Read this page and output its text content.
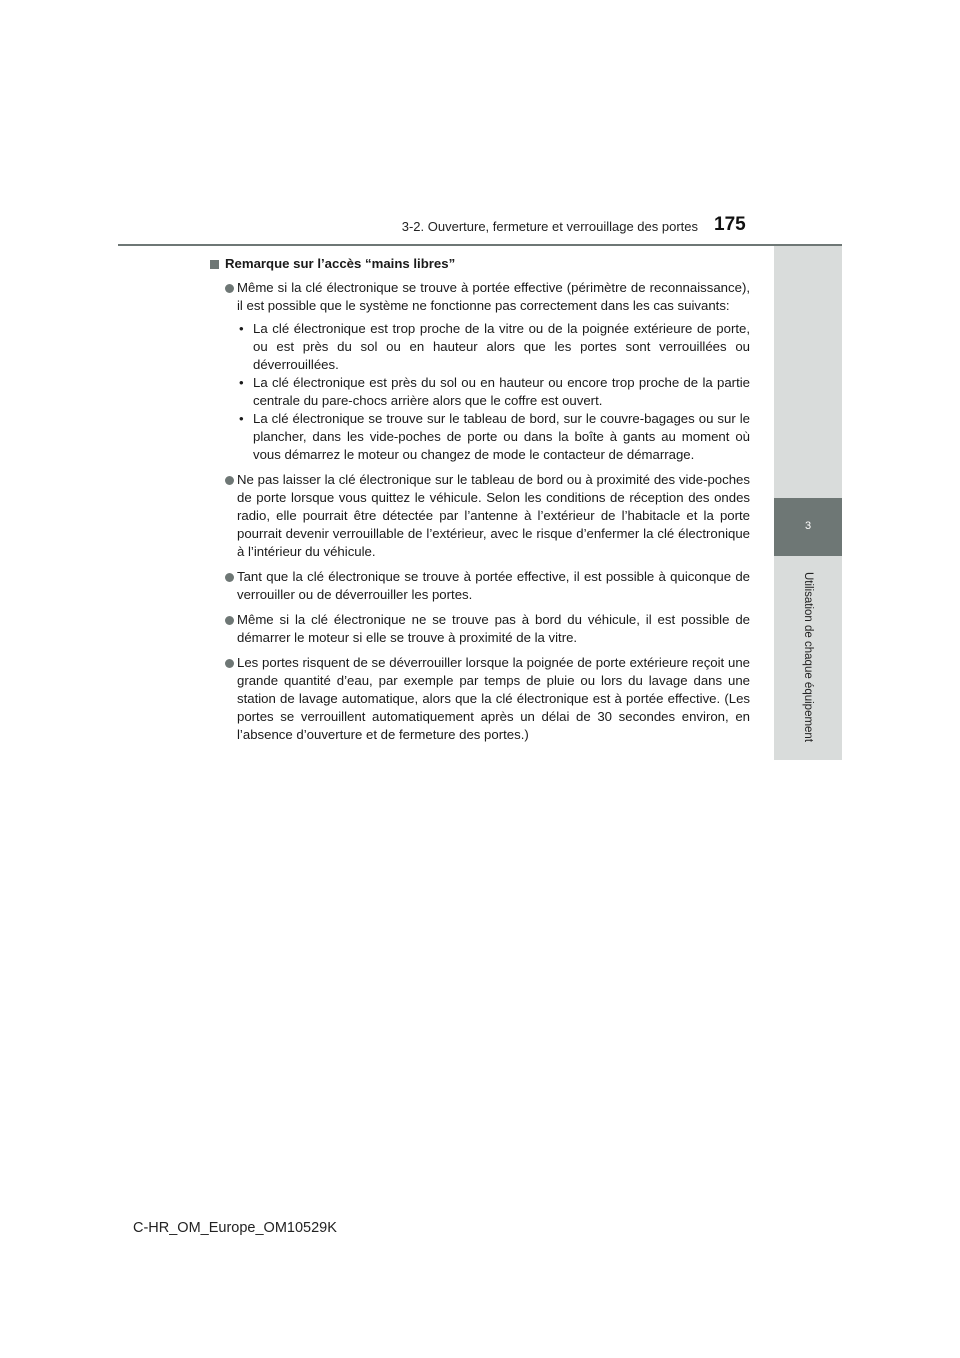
3-2. Ouverture, fermeture et verrouillage des portes 175
3
Utilisation de chaque équipement
Remarque sur l’accès “mains libres”
Même si la clé électronique se trouve à portée effective (périmètre de reconnaissance), il est possible que le système ne fonctionne pas correctement dans les cas suivants:
• La clé électronique est trop proche de la vitre ou de la poignée extérieure de porte, ou est près du sol ou en hauteur alors que les portes sont verrouillées ou déverrouillées.
• La clé électronique est près du sol ou en hauteur ou encore trop proche de la partie centrale du pare-chocs arrière alors que le coffre est ouvert.
• La clé électronique se trouve sur le tableau de bord, sur le couvre-bagages ou sur le plancher, dans les vide-poches de porte ou dans la boîte à gants au moment où vous démarrez le moteur ou changez de mode le contacteur de démarrage.
Ne pas laisser la clé électronique sur le tableau de bord ou à proximité des vide-poches de porte lorsque vous quittez le véhicule. Selon les conditions de réception des ondes radio, elle pourrait être détectée par l’antenne à l’extérieur de l’habitacle et la porte pourrait devenir verrouillable de l’extérieur, avec le risque d’enfermer la clé électronique à l’intérieur du véhicule.
Tant que la clé électronique se trouve à portée effective, il est possible à quiconque de verrouiller ou de déverrouiller les portes.
Même si la clé électronique ne se trouve pas à bord du véhicule, il est possible de démarrer le moteur si elle se trouve à proximité de la vitre.
Les portes risquent de se déverrouiller lorsque la poignée de porte extérieure reçoit une grande quantité d’eau, par exemple par temps de pluie ou lors du lavage dans une station de lavage automatique, alors que la clé électronique est à portée effective. (Les portes se verrouillent automatiquement après un délai de 30 secondes environ, en l’absence d’ouverture et de fermeture des portes.)
C-HR_OM_Europe_OM10529K
